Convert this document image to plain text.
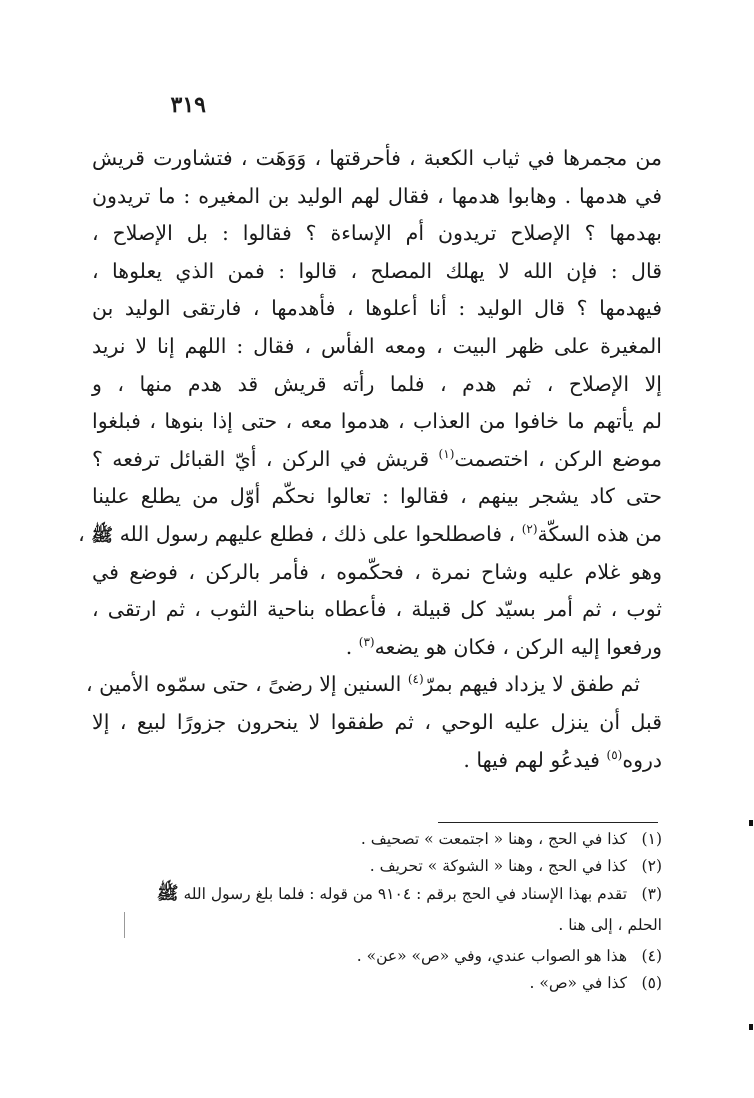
٣١٩
من مجمرها في ثياب الكعبة ، فأحرقتها ، وَوَهَت ، فتشاورت قريش
في هدمها . وهابوا هدمها ، فقال لهم الوليد بن المغيره : ما تريدون
بهدمها ؟ الإصلاح تريدون أم الإساءة ؟ فقالوا : بل الإصلاح ،
قال : فإن الله لا يهلك المصلح ، قالوا : فمن الذي يعلوها ،
فيهدمها ؟ قال الوليد : أنا أعلوها ، فأهدمها ، فارتقى الوليد بن
المغيرة على ظهر البيت ، ومعه الفأس ، فقال : اللهم إنا لا نريد
إلا الإصلاح ، ثم هدم ، فلما رأته قريش قد هدم منها ، و
لم يأتهم ما خافوا من العذاب ، هدموا معه ، حتى إذا بنوها ، فبلغوا
موضع الركن ، اختصمت$^{(١)}$ قريش في الركن ، أيّ القبائل ترفعه ؟
حتى كاد يشجر بينهم ، فقالوا : تعالوا نحكّم أوّل من يطلع علينا
من هذه السكّة$^{(٢)}$ ، فاصطلحوا على ذلك ، فطلع عليهم رسول الله ﷺ ،
وهو غلام عليه وشاح نمرة ، فحكّموه ، فأمر بالركن ، فوضع في
ثوب ، ثم أمر بسيّد كل قبيلة ، فأعطاه بناحية الثوب ، ثم ارتقى ،
ورفعوا إليه الركن ، فكان هو يضعه$^{(٣)}$ .
ثم طفق لا يزداد فيهم بمرّ$^{(٤)}$ السنين إلا رضىً ، حتى سمّوه الأمين ،
قبل أن ينزل عليه الوحي ، ثم طفقوا لا ينحرون جزورًا لبيع ، إلا
دروه$^{(٥)}$ فيدعُو لهم فيها .
(١) كذا في الحج ، وهنا « اجتمعت » تصحيف .
(٢) كذا في الحج ، وهنا « الشوكة » تحريف .
(٣) تقدم بهذا الإسناد في الحج برقم : ٩١٠٤ من قوله : فلما بلغ رسول الله ﷺ
الحلم ، إلى هنا .
(٤) هذا هو الصواب عندي، وفي «ص» «عن» .
(٥) كذا في «ص» .
